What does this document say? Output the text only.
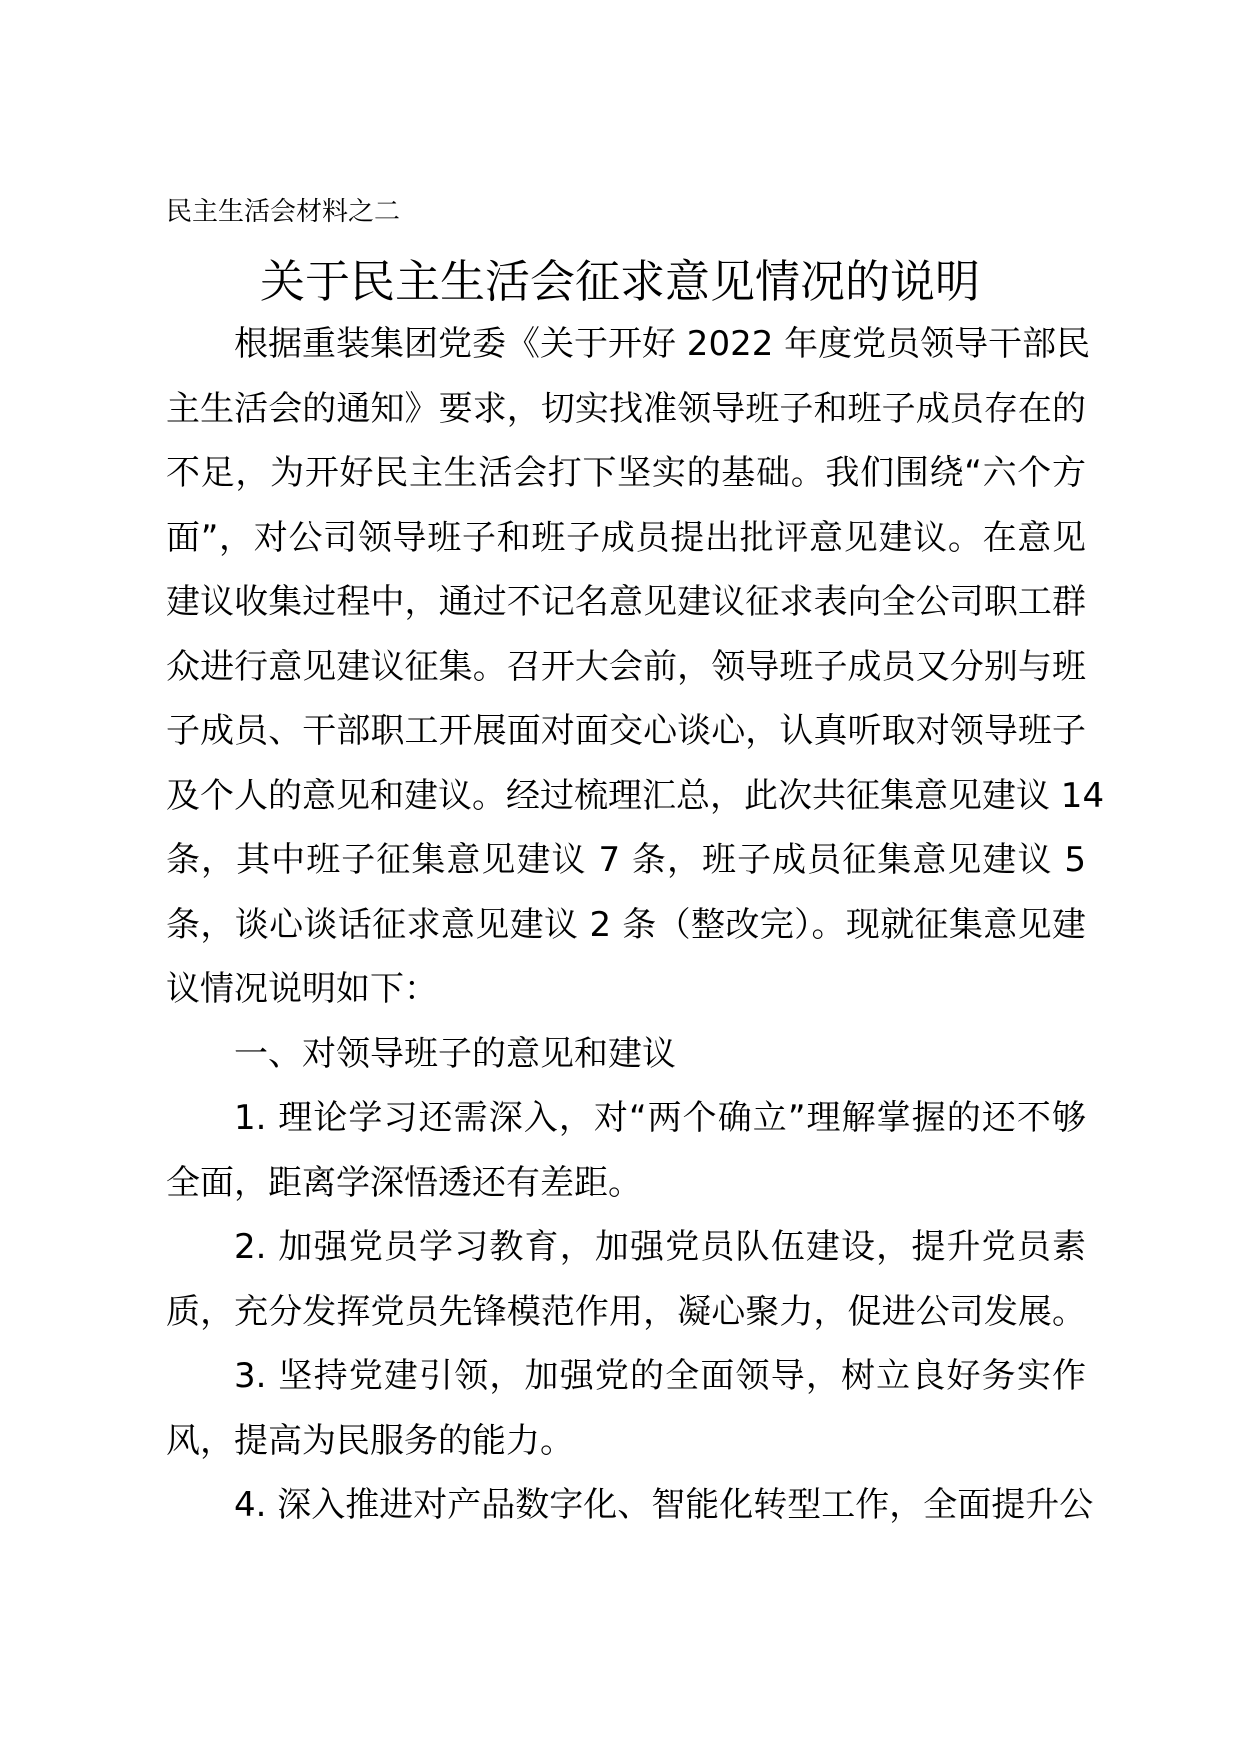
民主生活会材料之二
关于民主生活会征求意见情况的说明
根据重装集团党委《关于开好 2022 年度党员领导干部民
主生活会的通知》要求，切实找准领导班子和班子成员存在的
不足，为开好民主生活会打下坚实的基础。我们围绕“六个方
面”，对公司领导班子和班子成员提出批评意见建议。在意见
建议收集过程中，通过不记名意见建议征求表向全公司职工群
众进行意见建议征集。召开大会前，领导班子成员又分别与班
子成员、干部职工开展面对面交心谈心，认真听取对领导班子
及个人的意见和建议。经过梳理汇总，此次共征集意见建议 14
条，其中班子征集意见建议 7 条，班子成员征集意见建议 5
条，谈心谈话征求意见建议 2 条（整改完）。现就征集意见建
议情况说明如下：
一、对领导班子的意见和建议
1. 理论学习还需深入，对“两个确立”理解掌握的还不够
全面，距离学深悟透还有差距。
2. 加强党员学习教育，加强党员队伍建设，提升党员素
质，充分发挥党员先锋模范作用，凝心聚力，促进公司发展。
3. 坚持党建引领，加强党的全面领导，树立良好务实作
风，提高为民服务的能力。
4. 深入推进对产品数字化、智能化转型工作，全面提升公
